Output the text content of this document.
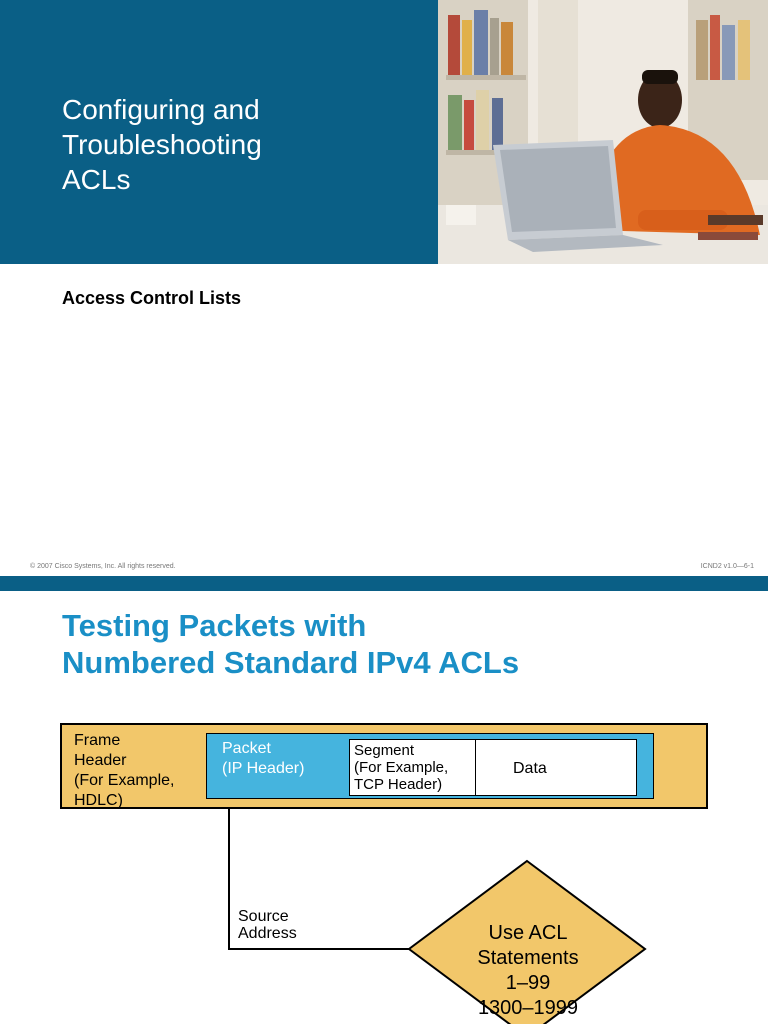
Configuring and
Troubleshooting
ACLs
Access Control Lists
© 2007 Cisco Systems, Inc. All rights reserved.	ICND2 v1.0—6-1
Testing Packets with
Numbered Standard IPv4 ACLs
Frame
Header
(For Example,
HDLC)
Packet
(IP Header)
Segment
(For Example,
TCP Header)
Data
Source
Address	Use ACL
Statements
1–99
1300–1999
